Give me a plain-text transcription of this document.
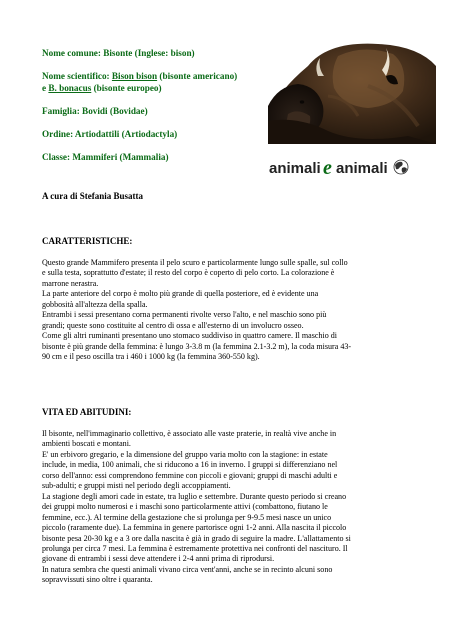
Nome comune: Bisonte (Inglese: bison)
Nome scientifico: Bison bison (bisonte americano)
e B. bonacus (bisonte europeo)
Famiglia: Bovidi (Bovidae)
Ordine: Artiodattili (Artiodactyla)
Classe: Mammiferi (Mammalia)
animali e animali
A cura di Stefania Busatta
CARATTERISTICHE:
Questo grande Mammifero presenta il pelo scuro e particolarmente lungo sulle spalle, sul collo
e sulla testa, soprattutto d'estate; il resto del corpo è coperto di pelo corto. La colorazione è
marrone nerastra.
La parte anteriore del corpo è molto più grande di quella posteriore, ed è evidente una
gobbosità all'altezza della spalla.
Entrambi i sessi presentano corna permanenti rivolte verso l'alto, e nel maschio sono più
grandi; queste sono costituite al centro di ossa e all'esterno di un involucro osseo.
Come gli altri ruminanti presentano uno stomaco suddiviso in quattro camere. Il maschio di
bisonte è più grande della femmina: è lungo 3-3.8 m (la femmina 2.1-3.2 m), la coda misura 43-
90 cm e il peso oscilla tra i 460 i 1000 kg (la femmina 360-550 kg).
VITA ED ABITUDINI:
Il bisonte, nell'immaginario collettivo, è associato alle vaste praterie, in realtà vive anche in
ambienti boscati e montani.
E' un erbivoro gregario, e la dimensione del gruppo varia molto con la stagione: in estate
include, in media, 100 animali, che si riducono a 16 in inverno. I gruppi si differenziano nel
corso dell'anno: essi comprendono femmine con piccoli e giovani; gruppi di maschi adulti e
sub-adulti; e gruppi misti nel periodo degli accoppiamenti.
La stagione degli amori cade in estate, tra luglio e settembre. Durante questo periodo si creano
dei gruppi molto numerosi e i maschi sono particolarmente attivi (combattono, fiutano le
femmine, ecc.). Al termine della gestazione che si prolunga per 9-9.5 mesi nasce un unico
piccolo (raramente due). La femmina in genere partorisce ogni 1-2 anni. Alla nascita il piccolo
bisonte pesa 20-30 kg e a 3 ore dalla nascita è già in grado di seguire la madre. L'allattamento si
prolunga per circa 7 mesi. La femmina è estremamente protettiva nei confronti del nascituro. Il
giovane di entrambi i sessi deve attendere i 2-4 anni prima di riprodursi.
In natura sembra che questi animali vivano circa vent'anni, anche se in recinto alcuni sono
sopravvissuti sino oltre i quaranta.
